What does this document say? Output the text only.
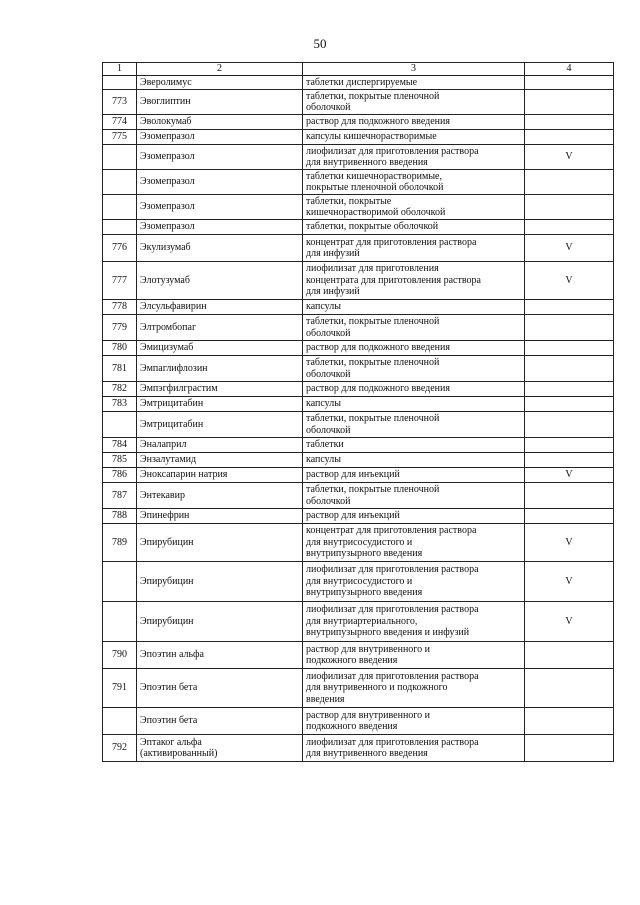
50
1	2	3	4
	Эверолимус	таблетки диспергируемые	
773	Эвоглиптин	таблетки, покрытые пленочной
оболочкой	
774	Эволокумаб	раствор для подкожного введения	
775	Эзомепразол	капсулы кишечнорастворимые	
	Эзомепразол	лиофилизат для приготовления раствора
для внутривенного введения	V
	Эзомепразол	таблетки кишечнорастворимые,
покрытые пленочной оболочкой	
	Эзомепразол	таблетки, покрытые
кишечнорастворимой оболочкой	
	Эзомепразол	таблетки, покрытые оболочкой	
776	Экулизумаб	концентрат для приготовления раствора
для инфузий	V
777	Элотузумаб	лиофилизат для приготовления
концентрата для приготовления раствора
для инфузий	V
778	Элсульфавирин	капсулы	
779	Элтромбопаг	таблетки, покрытые пленочной
оболочкой	
780	Эмицизумаб	раствор для подкожного введения	
781	Эмпаглифлозин	таблетки, покрытые пленочной
оболочкой	
782	Эмпэгфилграстим	раствор для подкожного введения	
783	Эмтрицитабин	капсулы	
	Эмтрицитабин	таблетки, покрытые пленочной
оболочкой	
784	Эналаприл	таблетки	
785	Энзалутамид	капсулы	
786	Эноксапарин натрия	раствор для инъекций	V
787	Энтекавир	таблетки, покрытые пленочной
оболочкой	
788	Эпинефрин	раствор для инъекций	
789	Эпирубицин	концентрат для приготовления раствора
для внутрисосудистого и
внутрипузырного введения	V
	Эпирубицин	лиофилизат для приготовления раствора
для внутрисосудистого и
внутрипузырного введения	V
	Эпирубицин	лиофилизат для приготовления раствора
для внутриартериального,
внутрипузырного введения и инфузий	V
790	Эпоэтин альфа	раствор для внутривенного и
подкожного введения	
791	Эпоэтин бета	лиофилизат для приготовления раствора
для внутривенного и подкожного
введения	
	Эпоэтин бета	раствор для внутривенного и
подкожного введения	
792	Эптаког альфа
(активированный)	лиофилизат для приготовления раствора
для внутривенного введения	
